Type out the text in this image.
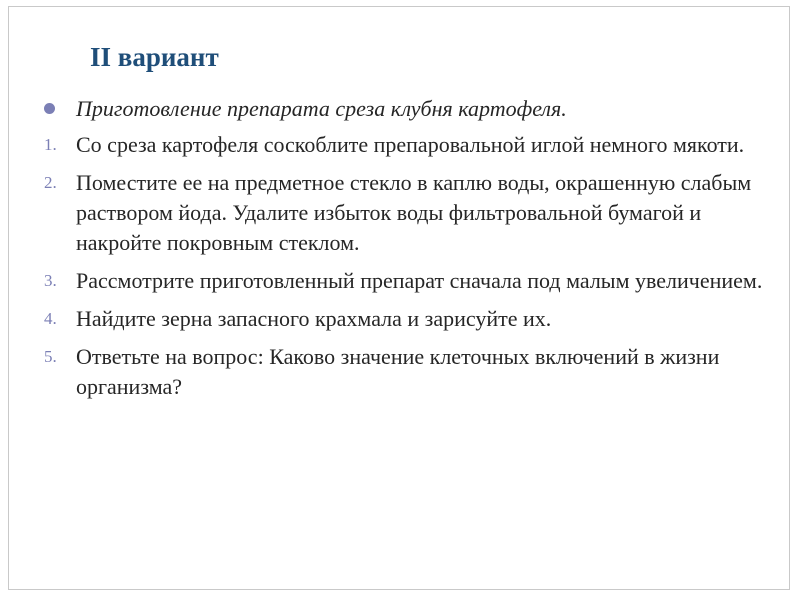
II вариант

Приготовление препарата среза клубня картофеля.

1. Со среза картофеля соскоблите препаровальной иглой немного мякоти.
2. Поместите ее на предметное стекло в каплю воды, окрашенную слабым раствором йода. Удалите избыток воды фильтровальной бумагой и накройте покровным стеклом.
3. Рассмотрите приготовленный препарат сначала под малым увеличением.
4. Найдите зерна запасного крахмала и зарисуйте их.
5. Ответьте на вопрос: Каково значение клеточных включений в жизни организма?
